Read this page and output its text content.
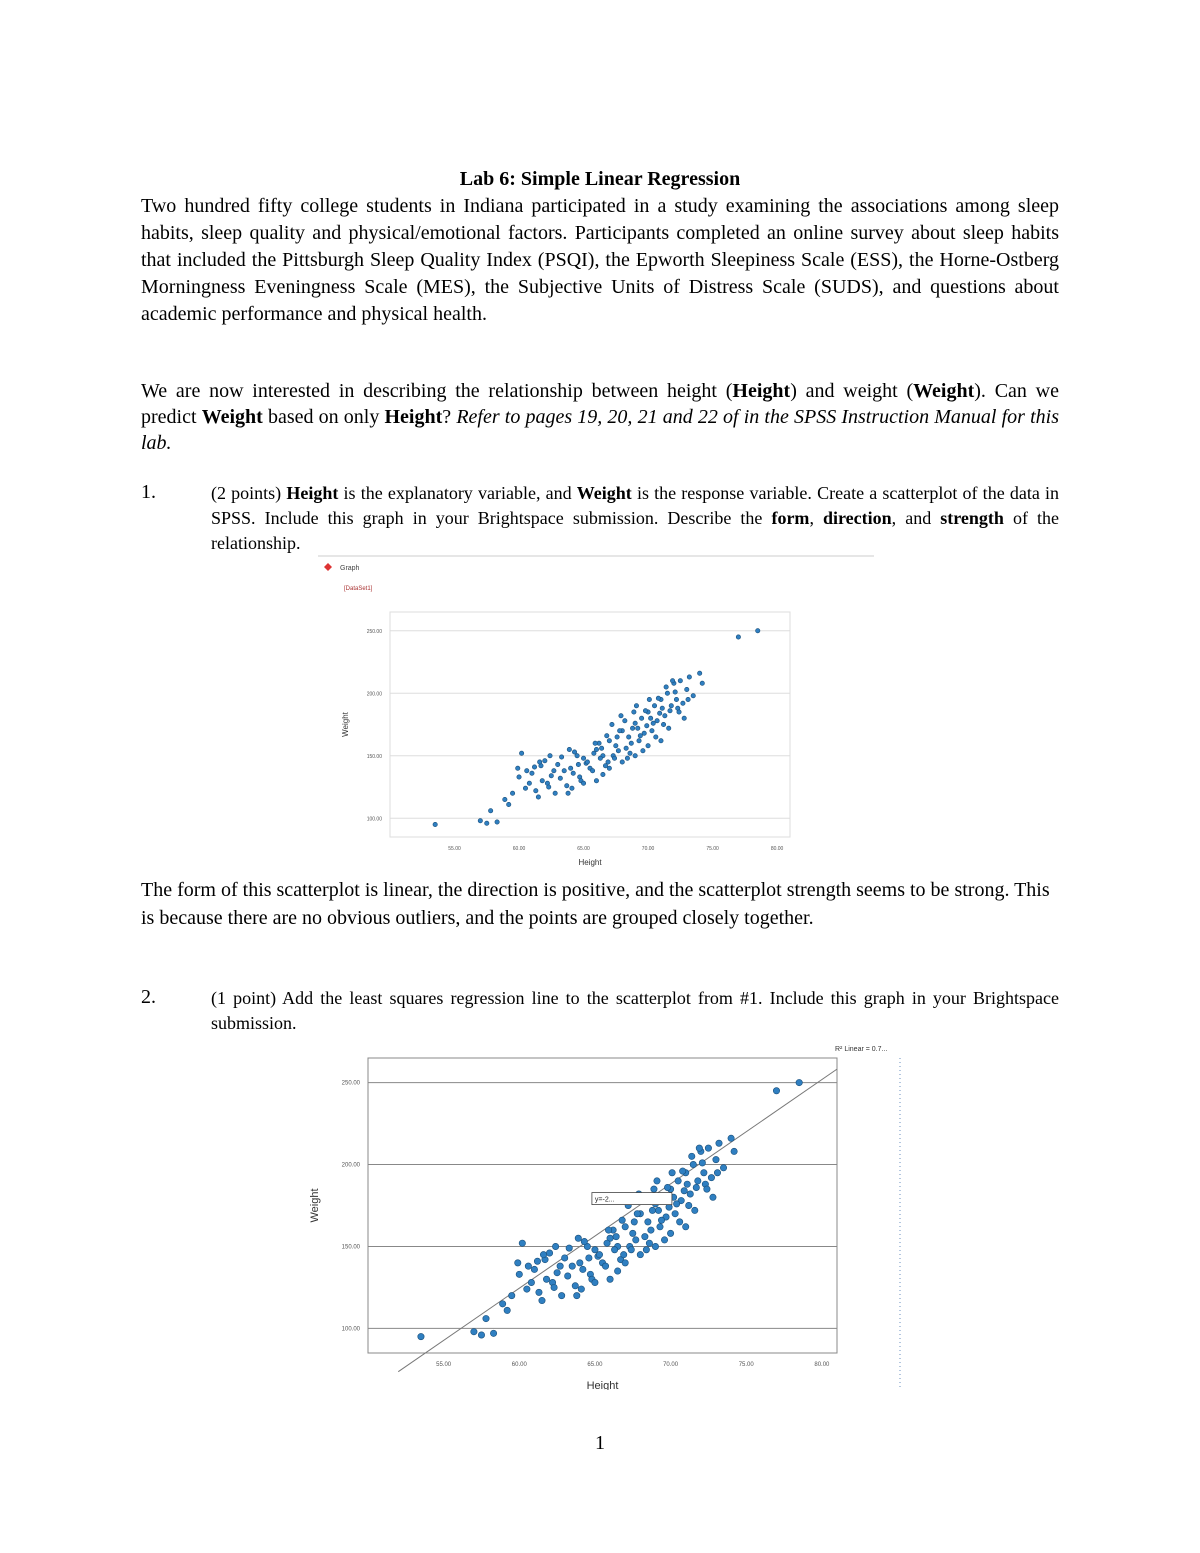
Lab 6: Simple Linear Regression
Two hundred fifty college students in Indiana participated in a study examining the associations among sleep habits, sleep quality and physical/emotional factors. Participants completed an online survey about sleep habits that included the Pittsburgh Sleep Quality Index (PSQI), the Epworth Sleepiness Scale (ESS), the Horne-Ostberg Morningness Eveningness Scale (MES), the Subjective Units of Distress Scale (SUDS), and questions about academic performance and physical health.
We are now interested in describing the relationship between height (Height) and weight (Weight). Can we predict Weight based on only Height? Refer to pages 19, 20, 21 and 22 of in the SPSS Instruction Manual for this lab.
1.	(2 points) Height is the explanatory variable, and Weight is the response variable. Create a scatterplot of the data in SPSS. Include this graph in your Brightspace submission. Describe the form, direction, and strength of the relationship.
Graph
[DataSet1]
100.00
150.00
200.00
250.00
55.00	60.00	65.00	70.00	75.00	80.00
Height
Weight
The form of this scatterplot is linear, the direction is positive, and the scatterplot strength seems to be strong. This is because there are no obvious outliers, and the points are grouped closely together.
2.	(1 point) Add the least squares regression line to the scatterplot from #1. Include this graph in your Brightspace submission.
100.00
150.00
200.00
250.00
55.00	60.00	65.00	70.00	75.00	80.00
Height
Weight
R² Linear = 0.7...
y=-2...
1
